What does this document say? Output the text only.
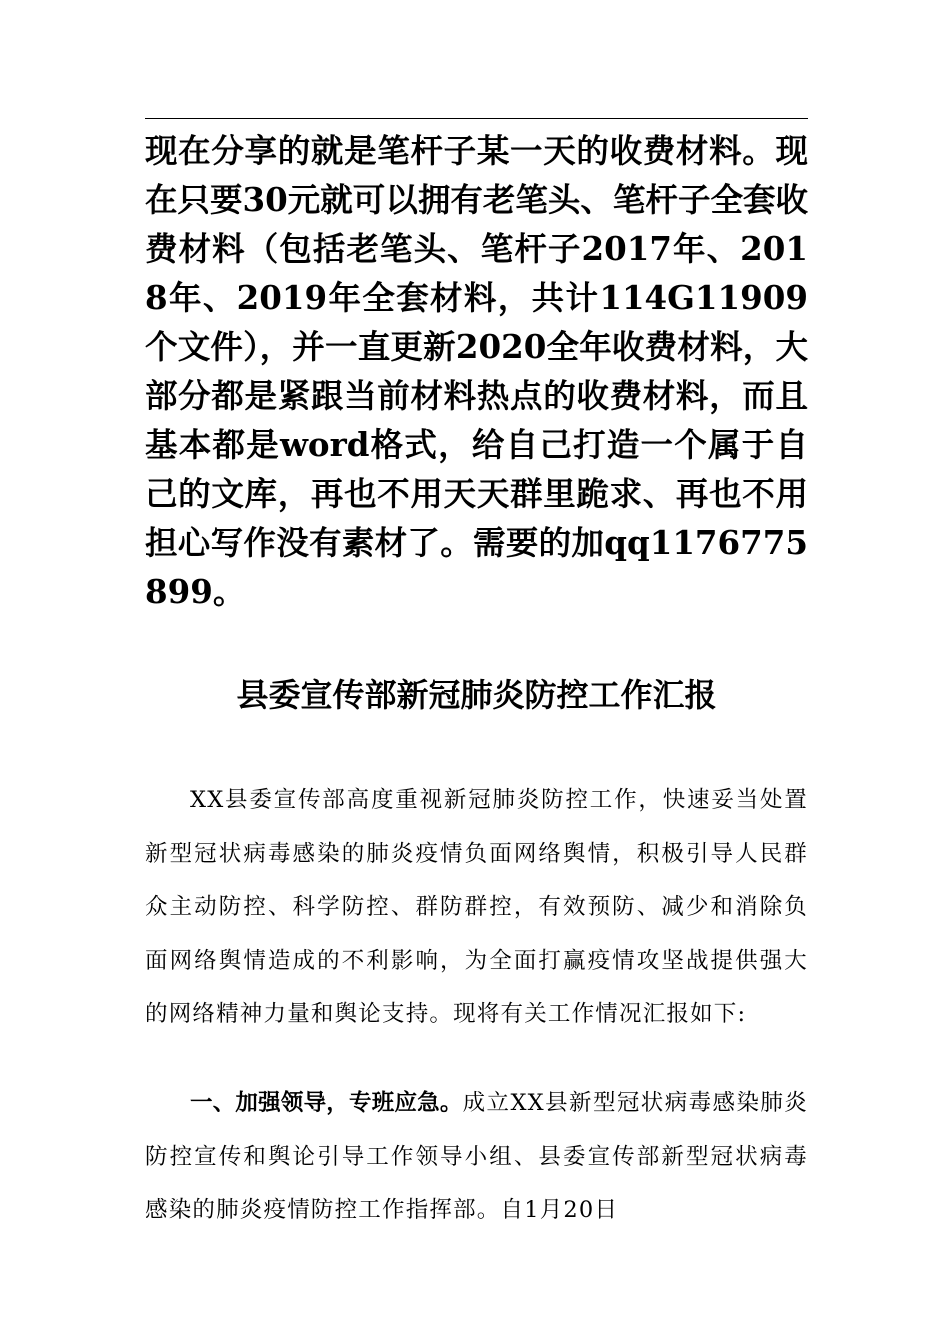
现在分享的就是笔杆子某一天的收费材料。现在只要30元就可以拥有老笔头、笔杆子全套收费材料（包括老笔头、笔杆子2017年、2018年、2019年全套材料，共计114G11909个文件），并一直更新2020全年收费材料，大部分都是紧跟当前材料热点的收费材料，而且基本都是word格式，给自己打造一个属于自己的文库，再也不用天天群里跪求、再也不用担心写作没有素材了。需要的加qq1176775899。

县委宣传部新冠肺炎防控工作汇报

XX县委宣传部高度重视新冠肺炎防控工作，快速妥当处置新型冠状病毒感染的肺炎疫情负面网络舆情，积极引导人民群众主动防控、科学防控、群防群控，有效预防、减少和消除负面网络舆情造成的不利影响，为全面打赢疫情攻坚战提供强大的网络精神力量和舆论支持。现将有关工作情况汇报如下:

一、加强领导，专班应急。成立XX县新型冠状病毒感染肺炎防控宣传和舆论引导工作领导小组、县委宣传部新型冠状病毒感染的肺炎疫情防控工作指挥部。自1月20日
